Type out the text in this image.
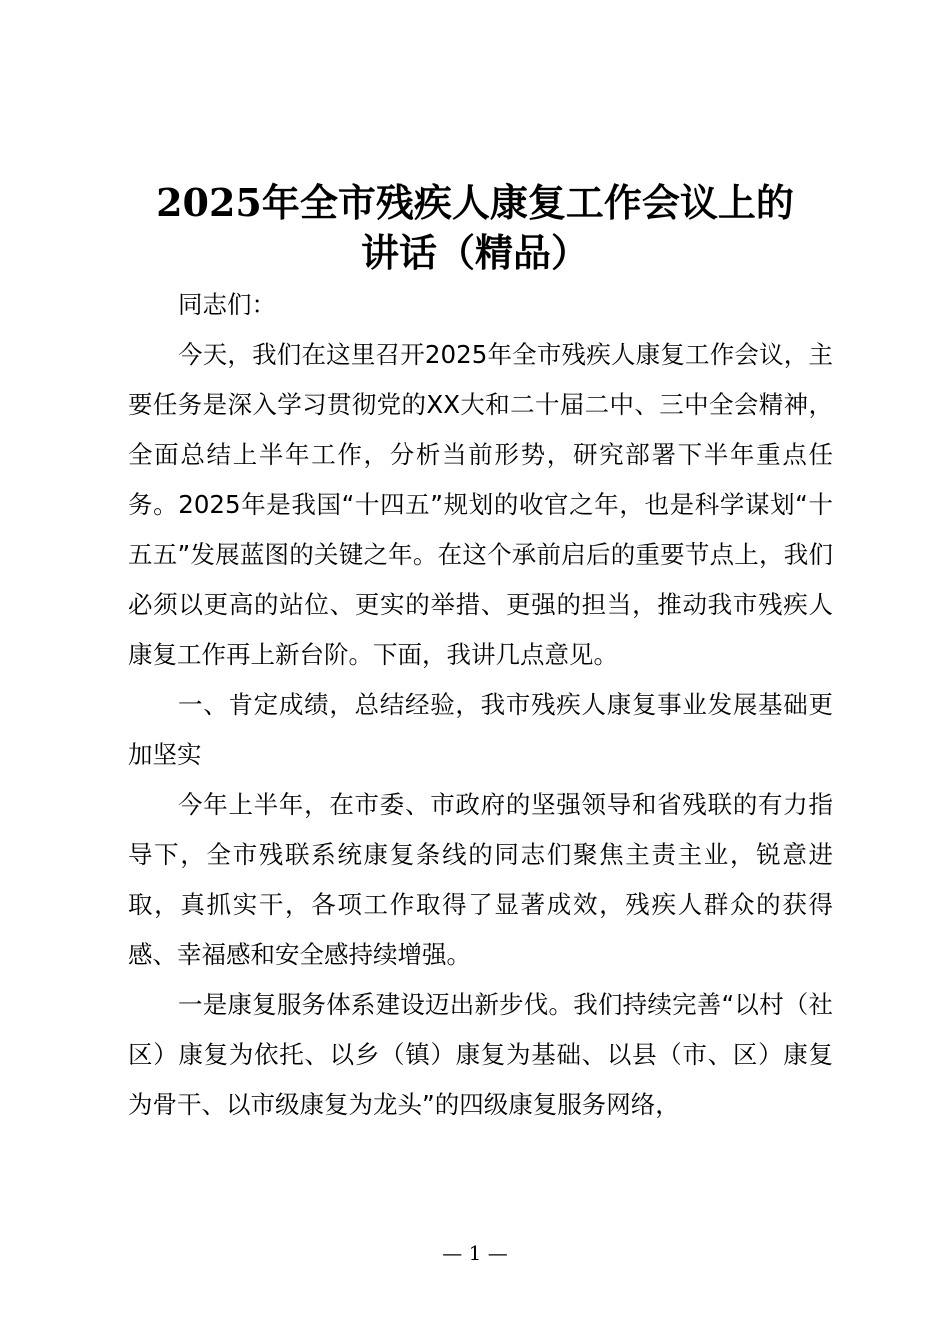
2025年全市残疾人康复工作会议上的
讲话（精品）

同志们：

今天，我们在这里召开2025年全市残疾人康复工作会议，主要任务是深入学习贯彻党的XX大和二十届二中、三中全会精神，全面总结上半年工作，分析当前形势，研究部署下半年重点任务。2025年是我国“十四五”规划的收官之年，也是科学谋划“十五五”发展蓝图的关键之年。在这个承前启后的重要节点上，我们必须以更高的站位、更实的举措、更强的担当，推动我市残疾人康复工作再上新台阶。下面，我讲几点意见。

一、肯定成绩，总结经验，我市残疾人康复事业发展基础更加坚实

今年上半年，在市委、市政府的坚强领导和省残联的有力指导下，全市残联系统康复条线的同志们聚焦主责主业，锐意进取，真抓实干，各项工作取得了显著成效，残疾人群众的获得感、幸福感和安全感持续增强。

一是康复服务体系建设迈出新步伐。我们持续完善“以村（社区）康复为依托、以乡（镇）康复为基础、以县（市、区）康复为骨干、以市级康复为龙头”的四级康复服务网络，

— 1 —
